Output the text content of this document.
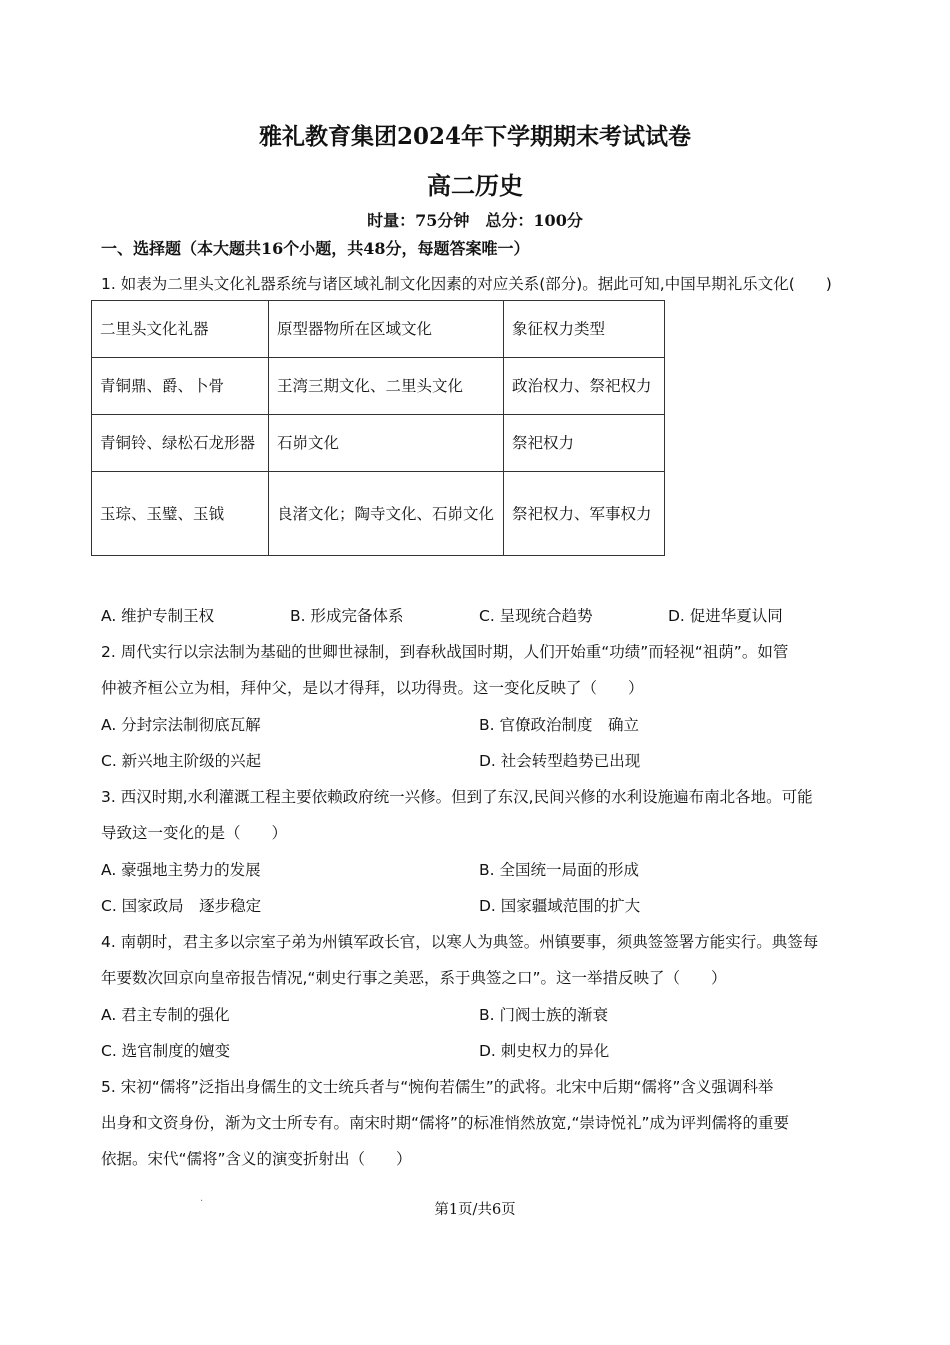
雅礼教育集团2024年下学期期末考试试卷
高二历史
时量：75分钟　总分：100分
一、选择题（本大题共16个小题，共48分，每题答案唯一）
1. 如表为二里头文化礼器系统与诸区域礼制文化因素的对应关系(部分)。据此可知,中国早期礼乐文化(　　)
二里头文化礼器	原型器物所在区域文化	象征权力类型
青铜鼎、爵、卜骨	王湾三期文化、二里头文化	政治权力、祭祀权力
青铜铃、绿松石龙形器	石峁文化	祭祀权力
玉琮、玉璧、玉钺	良渚文化；陶寺文化、石峁文化	祭祀权力、军事权力
A. 维护专制王权	B. 形成完备体系	C. 呈现统合趋势	D. 促进华夏认同
2. 周代实行以宗法制为基础的世卿世禄制，到春秋战国时期，人们开始重“功绩”而轻视“祖荫”。如管
仲被齐桓公立为相，拜仲父，是以才得拜，以功得贵。这一变化反映了（　　）
A. 分封宗法制彻底瓦解	B. 官僚政治制度　确立
C. 新兴地主阶级的兴起	D. 社会转型趋势已出现
3. 西汉时期,水利灌溉工程主要依赖政府统一兴修。但到了东汉,民间兴修的水利设施遍布南北各地。可能
导致这一变化的是（　　）
A. 豪强地主势力的发展	B. 全国统一局面的形成
C. 国家政局　逐步稳定	D. 国家疆域范围的扩大
4. 南朝时，君主多以宗室子弟为州镇军政长官，以寒人为典签。州镇要事，须典签签署方能实行。典签每
年要数次回京向皇帝报告情况,“刺史行事之美恶，系于典签之口”。这一举措反映了（　　）
A. 君主专制的强化	B. 门阀士族的渐衰
C. 选官制度的嬗变	D. 刺史权力的异化
5. 宋初“儒将”泛指出身儒生的文士统兵者与“惋佝若儒生”的武将。北宋中后期“儒将”含义强调科举
出身和文资身份，渐为文士所专有。南宋时期“儒将”的标准悄然放宽,“崇诗悦礼”成为评判儒将的重要
依据。宋代“儒将”含义的演变折射出（　　）
·
第1页/共6页
